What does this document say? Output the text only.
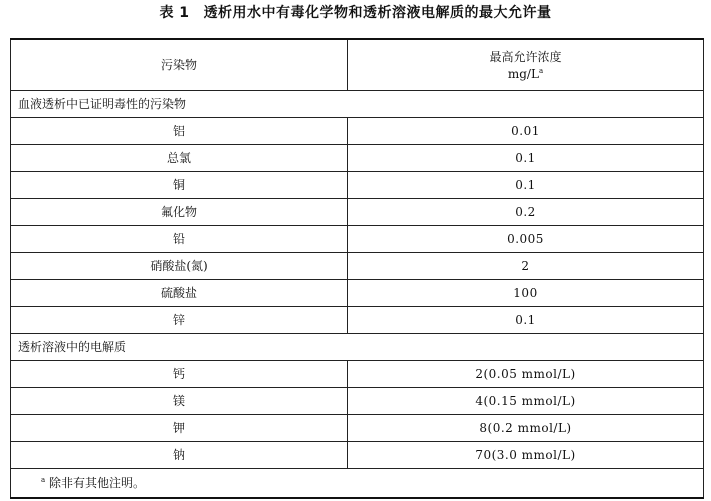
表 1 透析用水中有毒化学物和透析溶液电解质的最大允许量
污染物	最高允许浓度
mg/L$^a$
血液透析中已证明毒性的污染物	
铝	0.01
总氯	0.1
铜	0.1
氟化物	0.2
铅	0.005
硝酸盐(氮)	2
硫酸盐	100
锌	0.1
透析溶液中的电解质	
钙	2(0.05 mmol/L)
镁	4(0.15 mmol/L)
钾	8(0.2 mmol/L)
钠	70(3.0 mmol/L)
$^a$ 除非有其他注明。	
